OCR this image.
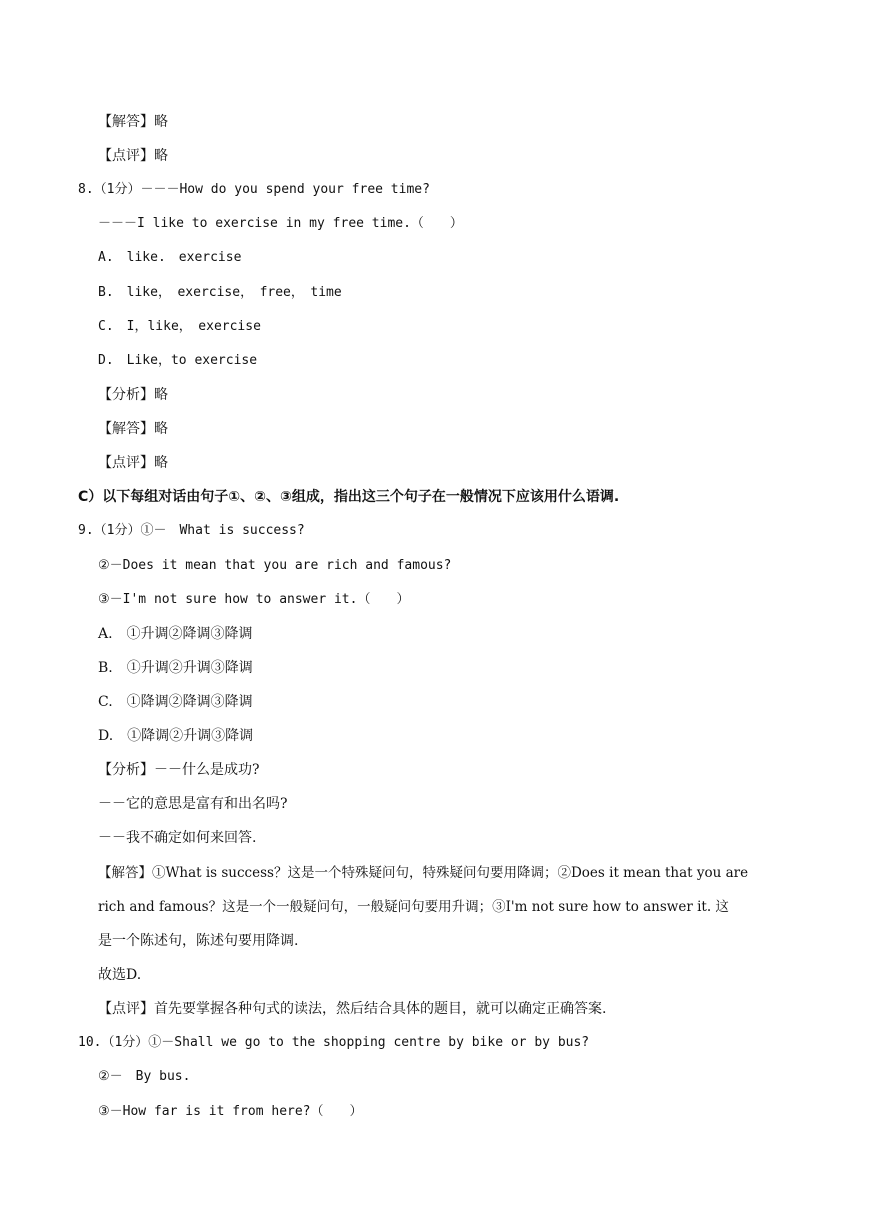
【解答】略
【点评】略
8.（1分）－－－How do you spend your free time?
－－－I like to exercise in my free time.（　　）
A.　like.　exercise
B.　like，　exercise，　free，　time
C.　I，like，　exercise
D.　Like，to exercise
【分析】略
【解答】略
【点评】略
C）以下每组对话由句子①、②、③组成，指出这三个句子在一般情况下应该用什么语调.
9.（1分）①－　What is success?
②－Does it mean that you are rich and famous?
③－I'm not sure how to answer it.（　　）
A.　①升调②降调③降调
B.　①升调②升调③降调
C.　①降调②降调③降调
D.　①降调②升调③降调
【分析】－－什么是成功?
－－它的意思是富有和出名吗?
－－我不确定如何来回答.
【解答】①What is success？这是一个特殊疑问句，特殊疑问句要用降调；②Does it mean that you are
rich and famous？这是一个一般疑问句，一般疑问句要用升调；③I'm not sure how to answer it. 这
是一个陈述句，陈述句要用降调.
故选D.
【点评】首先要掌握各种句式的读法，然后结合具体的题目，就可以确定正确答案.
10.（1分）①－Shall we go to the shopping centre by bike or by bus?
②－　By bus.
③－How far is it from here?（　　）
